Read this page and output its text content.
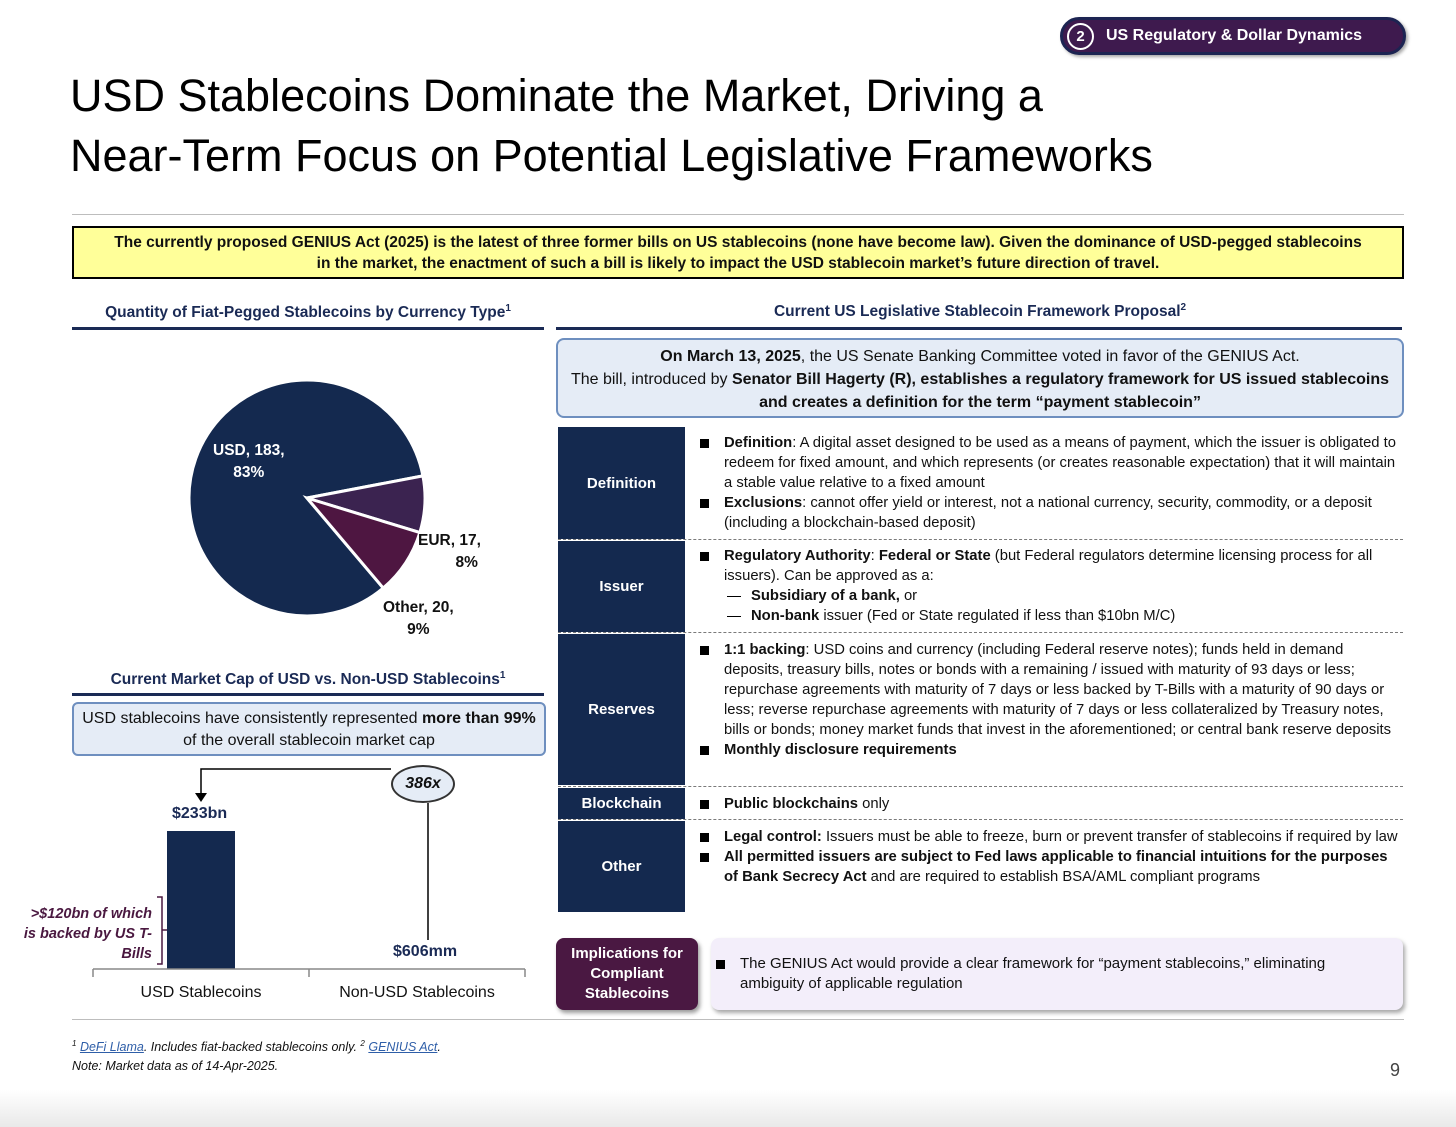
2	US Regulatory & Dollar Dynamics
USD Stablecoins Dominate the Market, Driving a
Near-Term Focus on Potential Legislative Frameworks
The currently proposed GENIUS Act (2025) is the latest of three former bills on US stablecoins (none have become law). Given the dominance of USD-pegged stablecoins
in the market, the enactment of such a bill is likely to impact the USD stablecoin market’s future direction of travel.
Quantity of Fiat-Pegged Stablecoins by Currency Type$^1$
USD, 183,
83%
EUR, 17,
8%
Other, 20,
9%
Current Market Cap of USD vs. Non-USD Stablecoins$^1$
USD stablecoins have consistently represented more than 99% of the overall stablecoin market cap
$233bn
$606mm
386x
>$120bn of which is backed by US T-Bills
USD Stablecoins	Non-USD Stablecoins
Current US Legislative Stablecoin Framework Proposal$^2$
On March 13, 2025, the US Senate Banking Committee voted in favor of the GENIUS Act.
The bill, introduced by Senator Bill Hagerty (R), establishes a regulatory framework for US issued stablecoins
and creates a definition for the term “payment stablecoin”
Definition
Definition: A digital asset designed to be used as a means of payment, which the issuer is obligated to redeem for fixed amount, and which represents (or creates reasonable expectation) that it will maintain a stable value relative to a fixed amount
Exclusions: cannot offer yield or interest, not a national currency, security, commodity, or a deposit (including a blockchain-based deposit)
Issuer
Regulatory Authority: Federal or State (but Federal regulators determine licensing process for all issuers). Can be approved as a:
Subsidiary of a bank, or
Non-bank issuer (Fed or State regulated if less than $10bn M/C)
Reserves
1:1 backing: USD coins and currency (including Federal reserve notes); funds held in demand deposits, treasury bills, notes or bonds with a remaining / issued with maturity of 93 days or less; repurchase agreements with maturity of 7 days or less backed by T-Bills with a maturity of 90 days or less; reverse repurchase agreements with maturity of 7 days or less collateralized by Treasury notes, bills or bonds; money market funds that invest in the aforementioned; or central bank reserve deposits
Monthly disclosure requirements
Blockchain	Public blockchains only
Other
Legal control: Issuers must be able to freeze, burn or prevent transfer of stablecoins if required by law
All permitted issuers are subject to Fed laws applicable to financial intuitions for the purposes of Bank Secrecy Act and are required to establish BSA/AML compliant programs
Implications for Compliant Stablecoins
The GENIUS Act would provide a clear framework for “payment stablecoins,” eliminating ambiguity of applicable regulation
$^1$ DeFi Llama. Includes fiat-backed stablecoins only. $^2$ GENIUS Act.
Note: Market data as of 14-Apr-2025.	9
